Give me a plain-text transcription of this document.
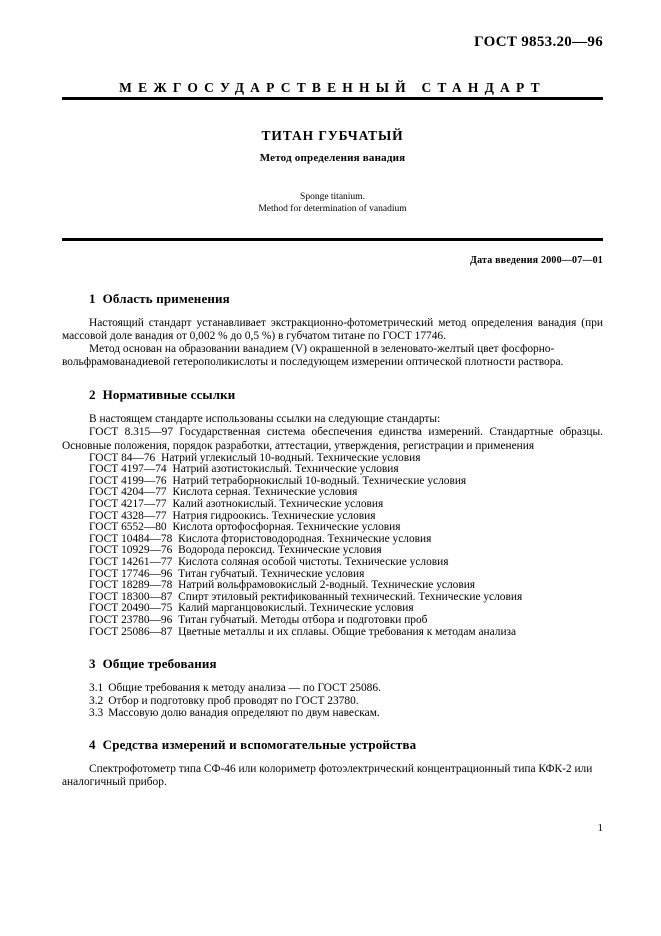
ГОСТ 9853.20—96
МЕЖГОСУДАРСТВЕННЫЙ СТАНДАРТ
ТИТАН ГУБЧАТЫЙ
Метод определения ванадия
Sponge titanium.
Method for determination of vanadium
Дата введения 2000—07—01
1 Область применения

Настоящий стандарт устанавливает экстракционно-фотометрический метод определения ванадия (при массовой доле ванадия от 0,002 % до 0,5 %) в губчатом титане по ГОСТ 17746.

Метод основан на образовании ванадием (V) окрашенной в зеленовато-желтый цвет фосфорно-вольфрамованадиевой гетерополикислоты и последующем измерении оптической плотности раствора.

2 Нормативные ссылки

В настоящем стандарте использованы ссылки на следующие стандарты:

ГОСТ 8.315—97 Государственная система обеспечения единства измерений. Стандартные образцы. Основные положения, порядок разработки, аттестации, утверждения, регистрации и применения

ГОСТ 84—76 Натрий углекислый 10-водный. Технические условия
ГОСТ 4197—74 Натрий азотистокислый. Технические условия
ГОСТ 4199—76 Натрий тетраборнокислый 10-водный. Технические условия
ГОСТ 4204—77 Кислота серная. Технические условия
ГОСТ 4217—77 Калий азотнокислый. Технические условия
ГОСТ 4328—77 Натрия гидроокись. Технические условия
ГОСТ 6552—80 Кислота ортофосфорная. Технические условия
ГОСТ 10484—78 Кислота фтористоводородная. Технические условия
ГОСТ 10929—76 Водорода пероксид. Технические условия
ГОСТ 14261—77 Кислота соляная особой чистоты. Технические условия
ГОСТ 17746—96 Титан губчатый. Технические условия
ГОСТ 18289—78 Натрий вольфрамовокислый 2-водный. Технические условия
ГОСТ 18300—87 Спирт этиловый ректификованный технический. Технические условия
ГОСТ 20490—75 Калий марганцовокислый. Технические условия
ГОСТ 23780—96 Титан губчатый. Методы отбора и подготовки проб
ГОСТ 25086—87 Цветные металлы и их сплавы. Общие требования к методам анализа
3 Общие требования
3.1 Общие требования к методу анализа — по ГОСТ 25086.
3.2 Отбор и подготовку проб проводят по ГОСТ 23780.
3.3 Массовую долю ванадия определяют по двум навескам.
4 Средства измерений и вспомогательные устройства

Спектрофотометр типа СФ-46 или колориметр фотоэлектрический концентрационный типа КФК-2 или аналогичный прибор.

1
